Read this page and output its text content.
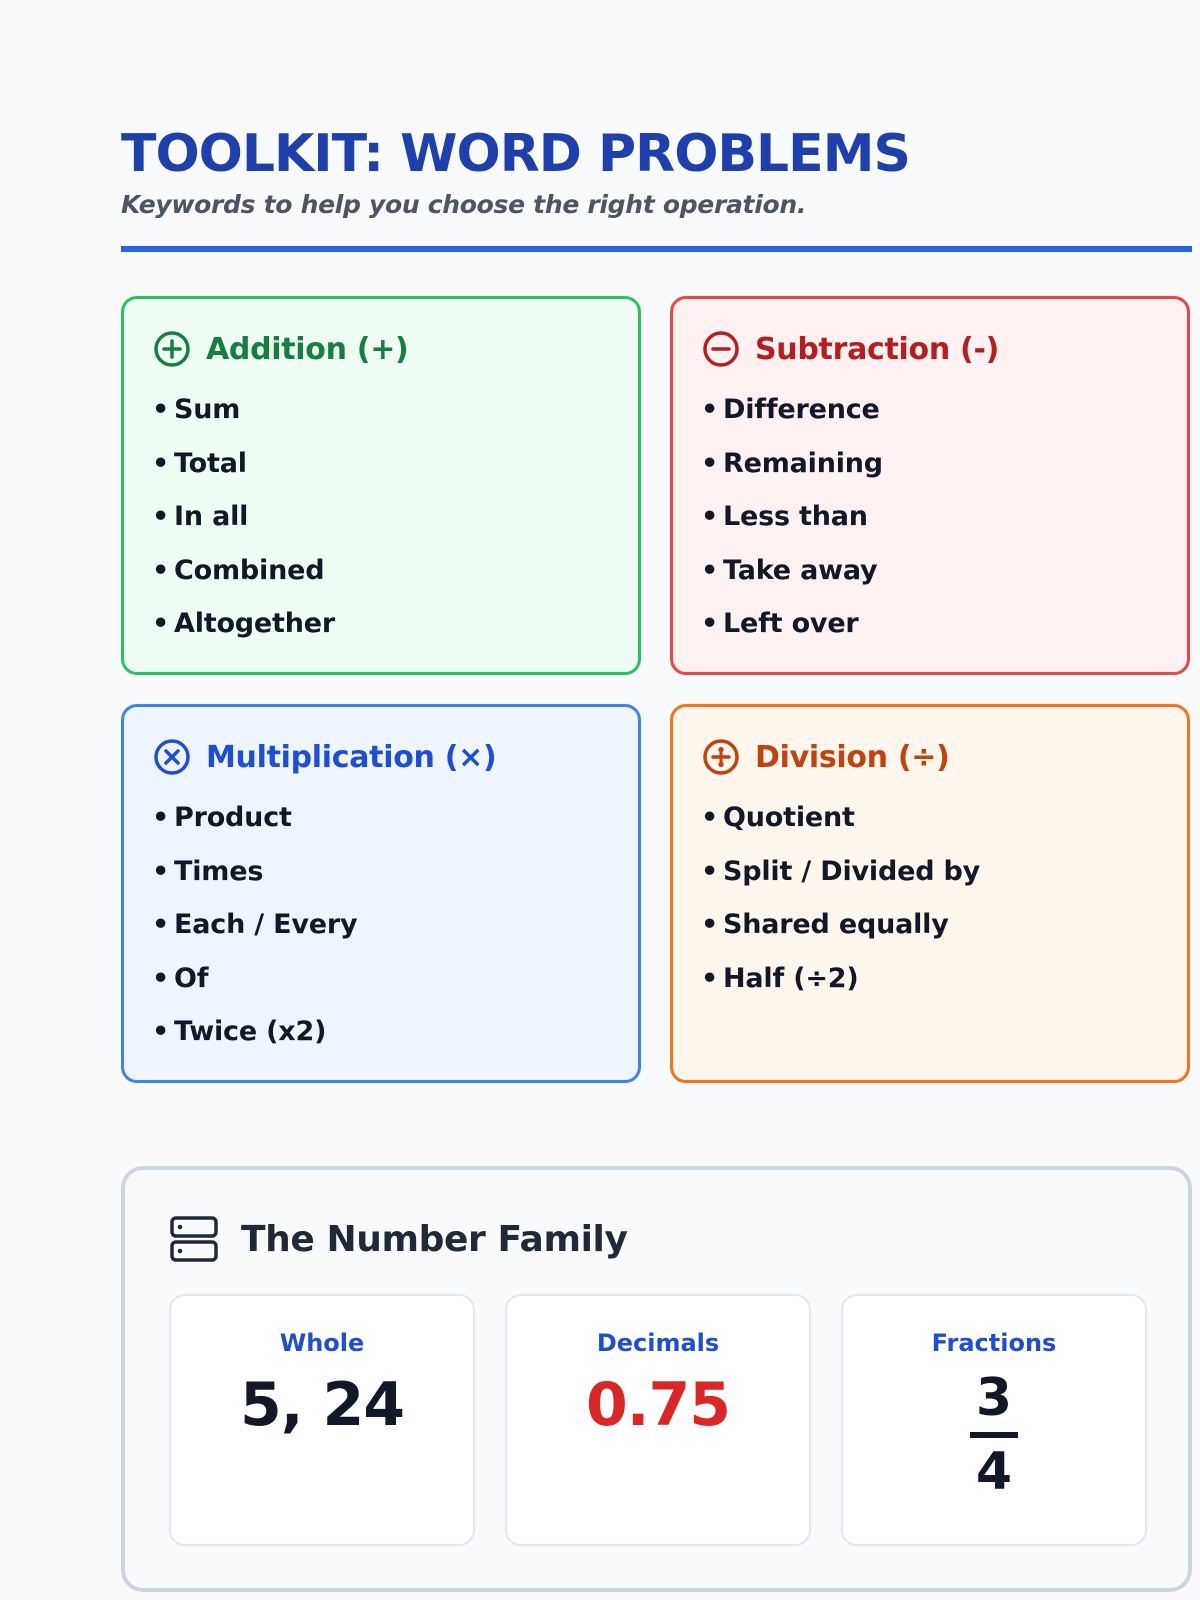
TOOLKIT: WORD PROBLEMS

Keywords to help you choose the right operation.

Addition (+)
• Sum
• Total
• In all
• Combined
• Altogether
Subtraction (-)
• Difference
• Remaining
• Less than
• Take away
• Left over
Multiplication (×)
• Product
• Times
• Each / Every
• Of
• Twice (x2)
Division (÷)
• Quotient
• Split / Divided by
• Shared equally
• Half (÷2)
The Number Family
Whole
5, 24
Decimals
0.75
Fractions
3
4
